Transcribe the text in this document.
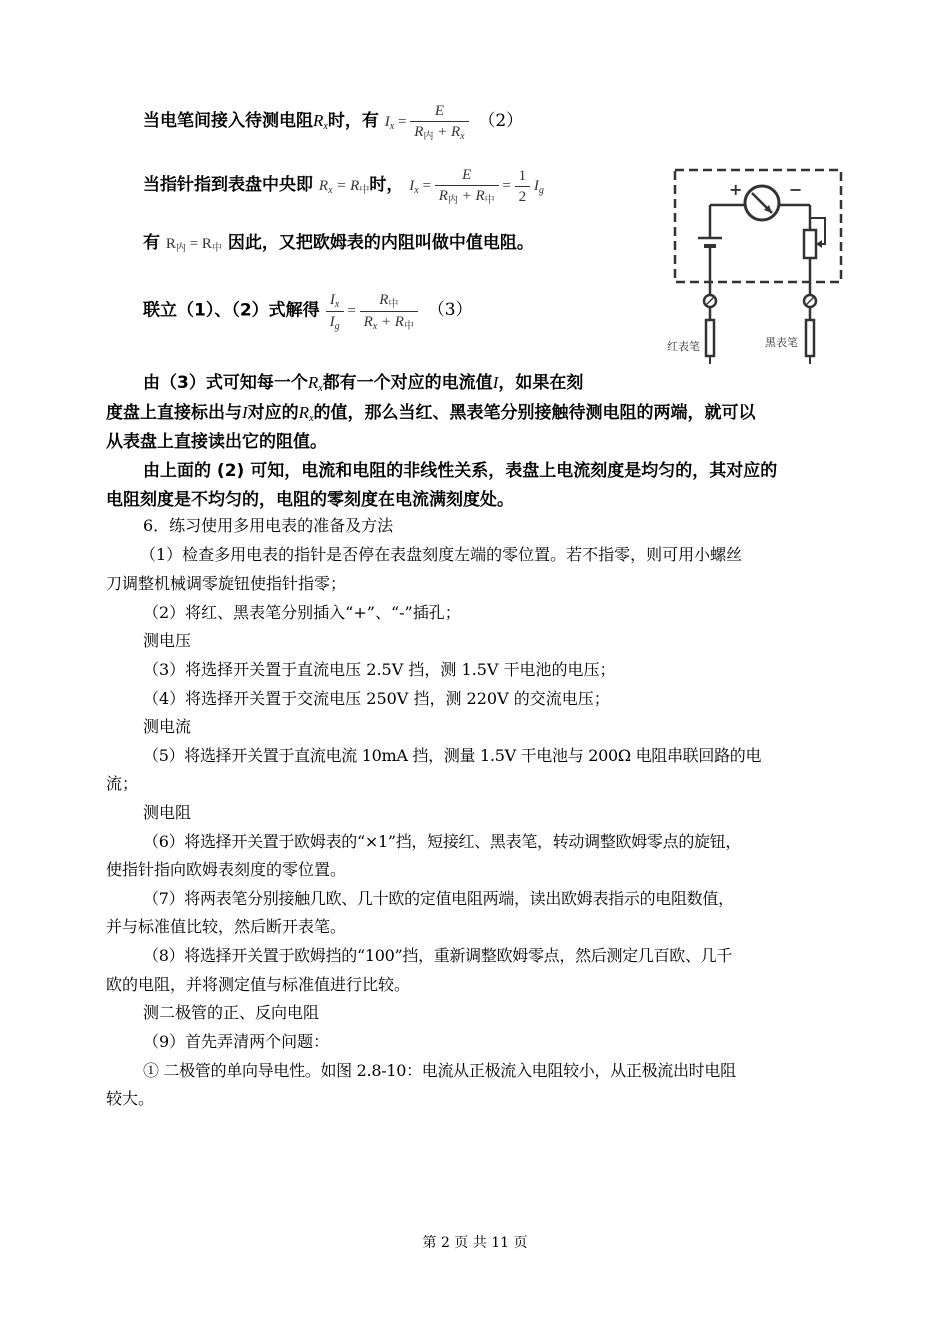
当电笔间接入待测电阻$R_x$时，有 $I_x = \frac{E}{R_内 + R_x} (2)$
当指针指到表盘中央即 $R_x = R_中$时， $I_x = \frac{E}{R_内 + R_中} = \frac{1}{2} I_g$
有 $R_内 = R_中$ 因此，又把欧姆表的内阻叫做中值电阻。
联立（1）、（2）式解得 $\frac{I_x}{I_g} = \frac{R_中}{R_x + R_中} (3)$
+	−
红表笔	黑表笔
由（3）式可知每一个$R_x$都有一个对应的电流值I，如果在刻
度盘上直接标出与I对应的$R_x$的值，那么当红、黑表笔分别接触待测电阻的两端，就可以
从表盘上直接读出它的阻值。
由上面的 (2) 可知，电流和电阻的非线性关系，表盘上电流刻度是均匀的，其对应的
电阻刻度是不均匀的，电阻的零刻度在电流满刻度处。
6．练习使用多用电表的准备及方法
（1）检查多用电表的指针是否停在表盘刻度左端的零位置。若不指零，则可用小螺丝
刀调整机械调零旋钮使指针指零；
（2）将红、黑表笔分别插入“+”、“-”插孔；
测电压
（3）将选择开关置于直流电压 2.5V 挡，测 1.5V 干电池的电压；
（4）将选择开关置于交流电压 250V 挡，测 220V 的交流电压；
测电流
（5）将选择开关置于直流电流 10mA 挡，测量 1.5V 干电池与 200Ω 电阻串联回路的电
流；
测电阻
（6）将选择开关置于欧姆表的“×1”挡，短接红、黑表笔，转动调整欧姆零点的旋钮，
使指针指向欧姆表刻度的零位置。
（7）将两表笔分别接触几欧、几十欧的定值电阻两端，读出欧姆表指示的电阻数值，
并与标准值比较，然后断开表笔。
（8）将选择开关置于欧姆挡的“100”挡，重新调整欧姆零点，然后测定几百欧、几千
欧的电阻，并将测定值与标准值进行比较。
测二极管的正、反向电阻
（9）首先弄清两个问题：
① 二极管的单向导电性。如图 2.8-10：电流从正极流入电阻较小，从正极流出时电阻
较大。
第 2 页 共 11 页
